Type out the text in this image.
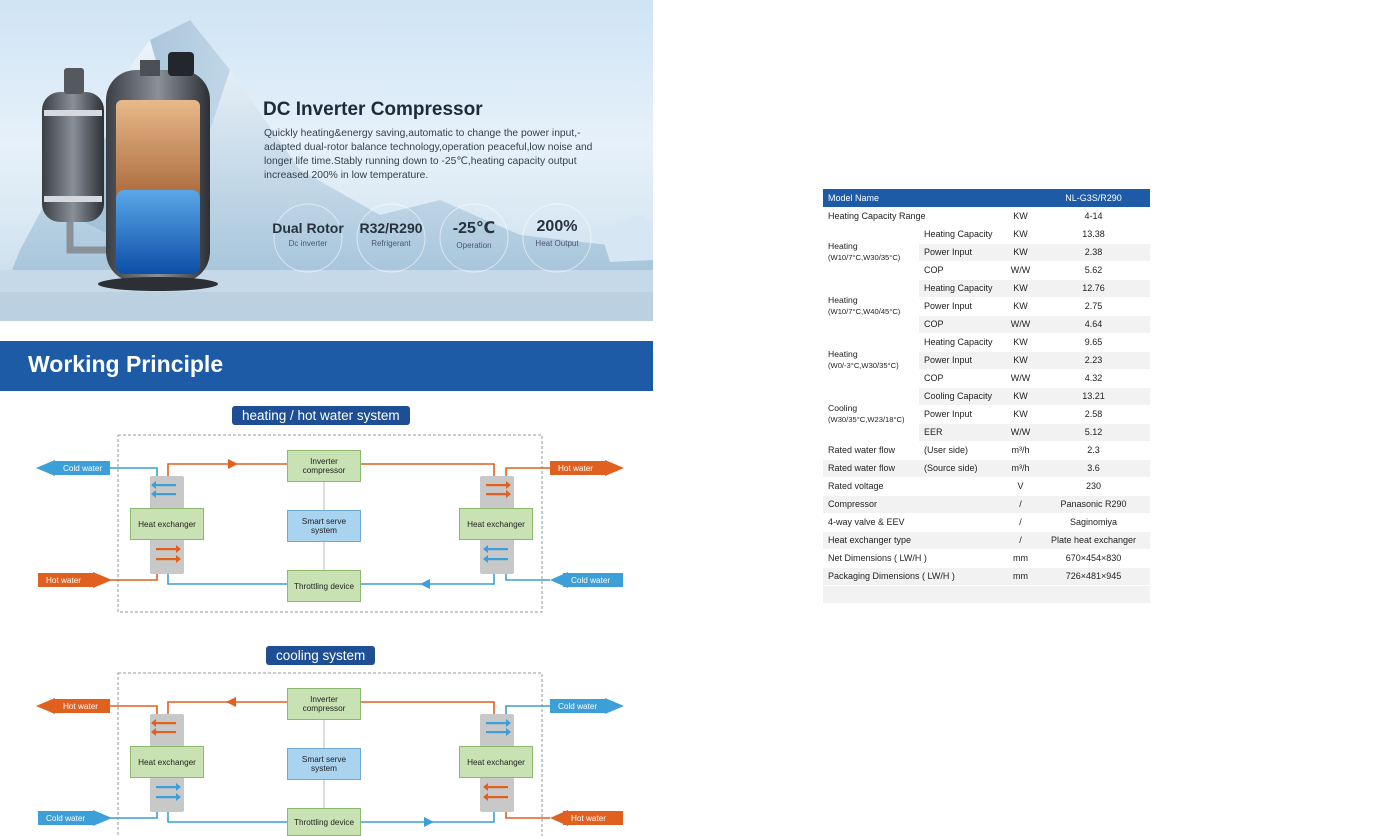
DC Inverter Compressor
Quickly heating&energy saving,automatic to change the power input,-adapted dual-rotor balance technology,operation peaceful,low noise and longer life time.Stably running down to -25℃,heating capacity output increased 200% in low temperature.
Dual Rotor
Dc inverter
R32/R290
Refrigerant
-25℃
Operation
200%
Heat Output
Working Principle
heating / hot water system
Cold water
Hot water
Hot water
Cold water
Inverter compressor
Smart serve system
Throttling device
Heat exchanger	Heat exchanger
cooling system
Hot water
Cold water
Cold water
Hot water
Inverter compressor
Smart serve system
Throttling device
Heat exchanger	Heat exchanger
Model Name			NL-G3S/R290
Heating Capacity Range		KW	4-14

Heating
(W10/7°C,W30/35°C)	Heating Capacity	KW	13.38
	Power Input	KW	2.38
	COP	W/W	5.62

Heating
(W10/7°C,W40/45°C)	Heating Capacity	KW	12.76
	Power Input	KW	2.75
	COP	W/W	4.64

Heating
(W0/-3°C,W30/35°C)	Heating Capacity	KW	9.65
	Power Input	KW	2.23
	COP	W/W	4.32

Cooling
(W30/35°C,W23/18°C)	Cooling Capacity	KW	13.21
	Power Input	KW	2.58
	EER	W/W	5.12
Rated water flow	(User side)	m³/h	2.3
Rated water flow	(Source side)	m³/h	3.6
Rated voltage		V	230
Compressor		/	Panasonic R290
4-way valve & EEV		/	Saginomiya
Heat exchanger type		/	Plate heat exchanger
Net Dimensions ( LW/H )		mm	670×454×830
Packaging Dimensions ( LW/H )		mm	726×481×945
